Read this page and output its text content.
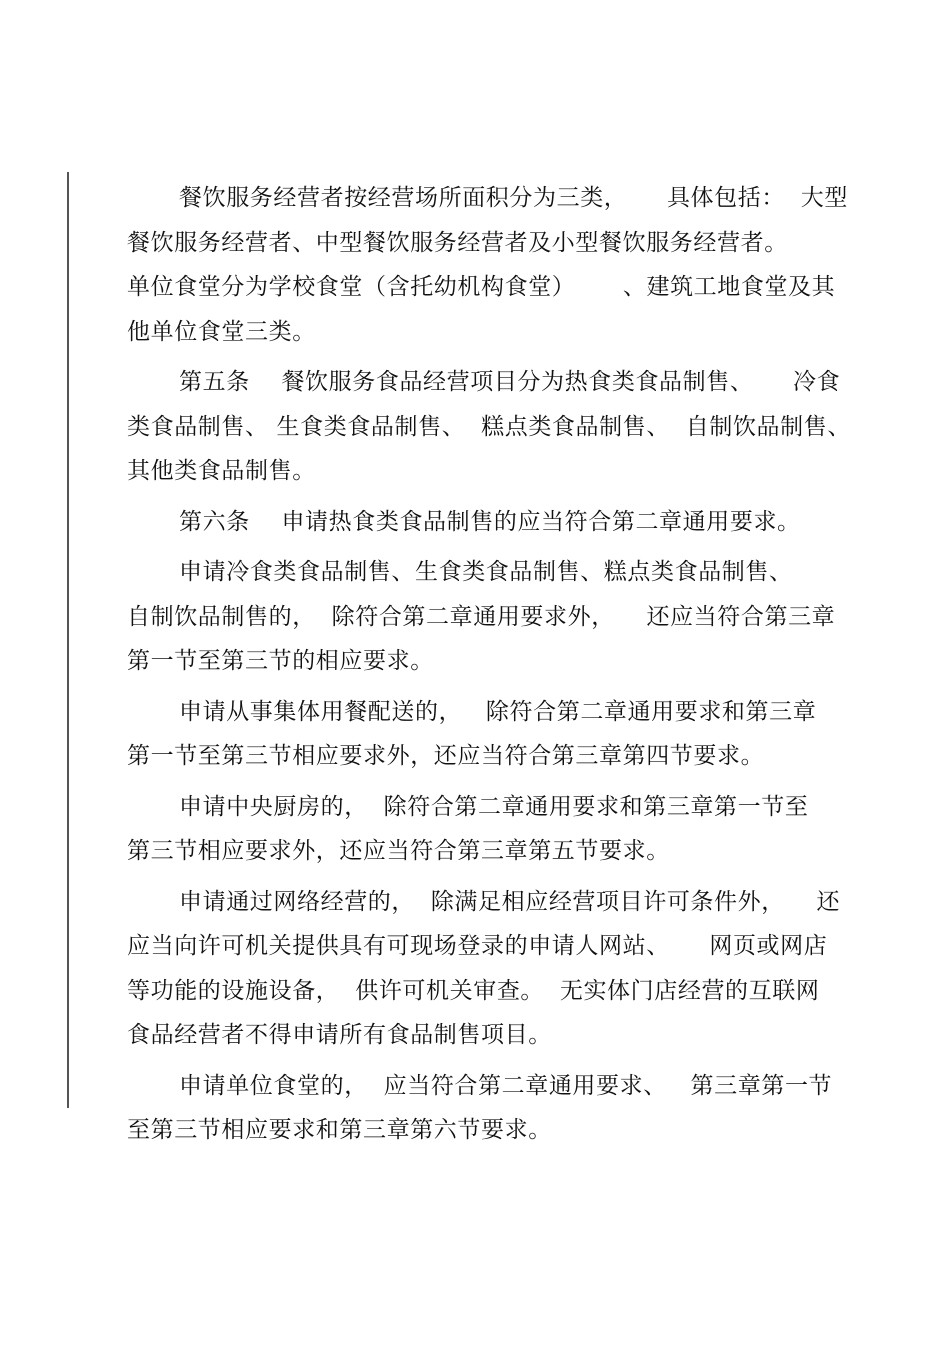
餐饮服务经营者按经营场所面积分为三类，     具体包括：  大型
餐饮服务经营者、中型餐饮服务经营者及小型餐饮服务经营者。
单位食堂分为学校食堂（含托幼机构食堂）      、建筑工地食堂及其
他单位食堂三类。
第五条    餐饮服务食品经营项目分为热食类食品制售、     冷食
类食品制售、 生食类食品制售、  糕点类食品制售、  自制饮品制售、
其他类食品制售。
第六条    申请热食类食品制售的应当符合第二章通用要求。
申请冷食类食品制售、生食类食品制售、糕点类食品制售、
自制饮品制售的，  除符合第二章通用要求外，    还应当符合第三章
第一节至第三节的相应要求。
申请从事集体用餐配送的，   除符合第二章通用要求和第三章
第一节至第三节相应要求外，还应当符合第三章第四节要求。
申请中央厨房的，  除符合第二章通用要求和第三章第一节至
第三节相应要求外，还应当符合第三章第五节要求。
申请通过网络经营的，  除满足相应经营项目许可条件外，    还
应当向许可机关提供具有可现场登录的申请人网站、     网页或网店
等功能的设施设备，  供许可机关审查。  无实体门店经营的互联网
食品经营者不得申请所有食品制售项目。
申请单位食堂的，  应当符合第二章通用要求、   第三章第一节
至第三节相应要求和第三章第六节要求。
